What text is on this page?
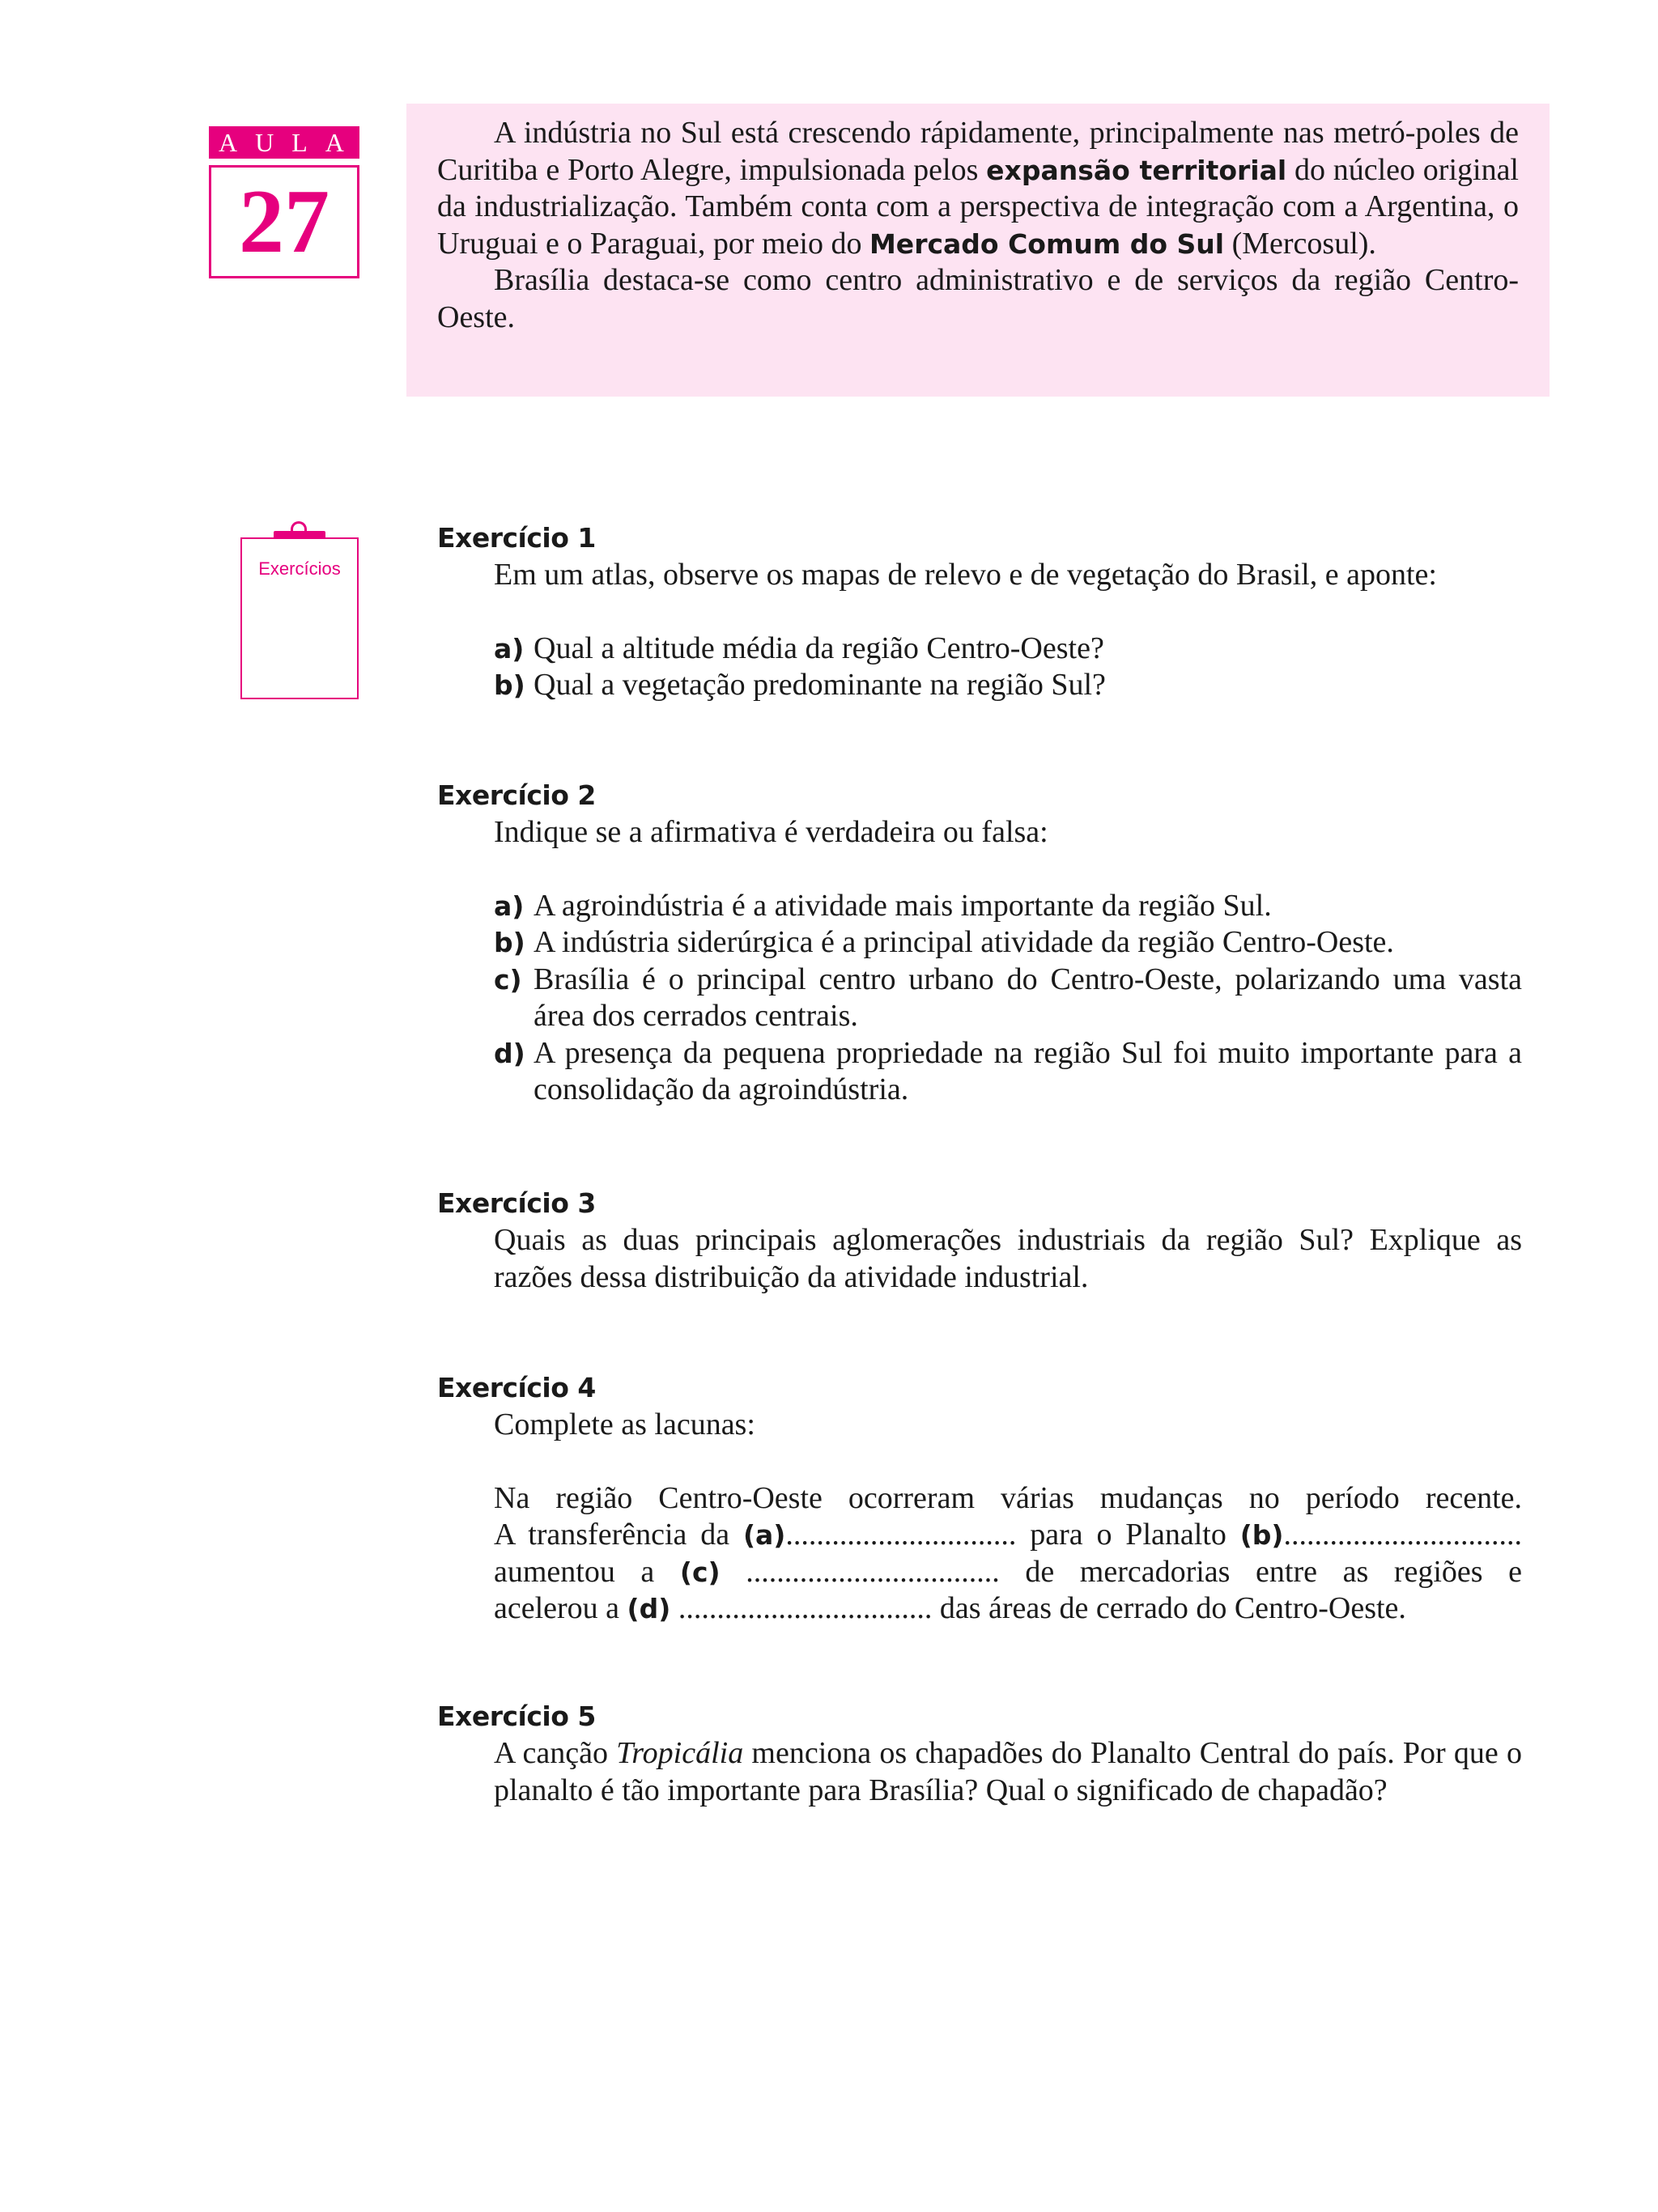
AULA
27

A indústria no Sul está crescendo rápidamente, principalmente nas metró-poles de Curitiba e Porto Alegre, impulsionada pelos expansão territorial do núcleo original da industrialização. Também conta com a perspectiva de integração com a Argentina, o Uruguai e o Paraguai, por meio do Mercado Comum do Sul (Mercosul).

Brasília destaca-se como centro administrativo e de serviços da região Centro-Oeste.

Exercícios
Exercício 1

Em um atlas, observe os mapas de relevo e de vegetação do Brasil, e aponte:

a) Qual a altitude média da região Centro-Oeste?
b) Qual a vegetação predominante na região Sul?
Exercício 2

Indique se a afirmativa é verdadeira ou falsa:

a) A agroindústria é a atividade mais importante da região Sul.
b) A indústria siderúrgica é a principal atividade da região Centro-Oeste.
c) Brasília é o principal centro urbano do Centro-Oeste, polarizando uma vasta área dos cerrados centrais.
d) A presença da pequena propriedade na região Sul foi muito importante para a consolidação da agroindústria.
Exercício 3

Quais as duas principais aglomerações industriais da região Sul? Explique as razões dessa distribuição da atividade industrial.

Exercício 4

Complete as lacunas:

Na região Centro-Oeste ocorreram várias mudanças no período recente.

A transferência da (a).............................. para o Planalto (b)...............................

aumentou a (c) ................................. de mercadorias entre as regiões e

acelerou a (d) ................................. das áreas de cerrado do Centro-Oeste.

Exercício 5

A canção Tropicália menciona os chapadões do Planalto Central do país. Por que o planalto é tão importante para Brasília? Qual o significado de chapadão?
